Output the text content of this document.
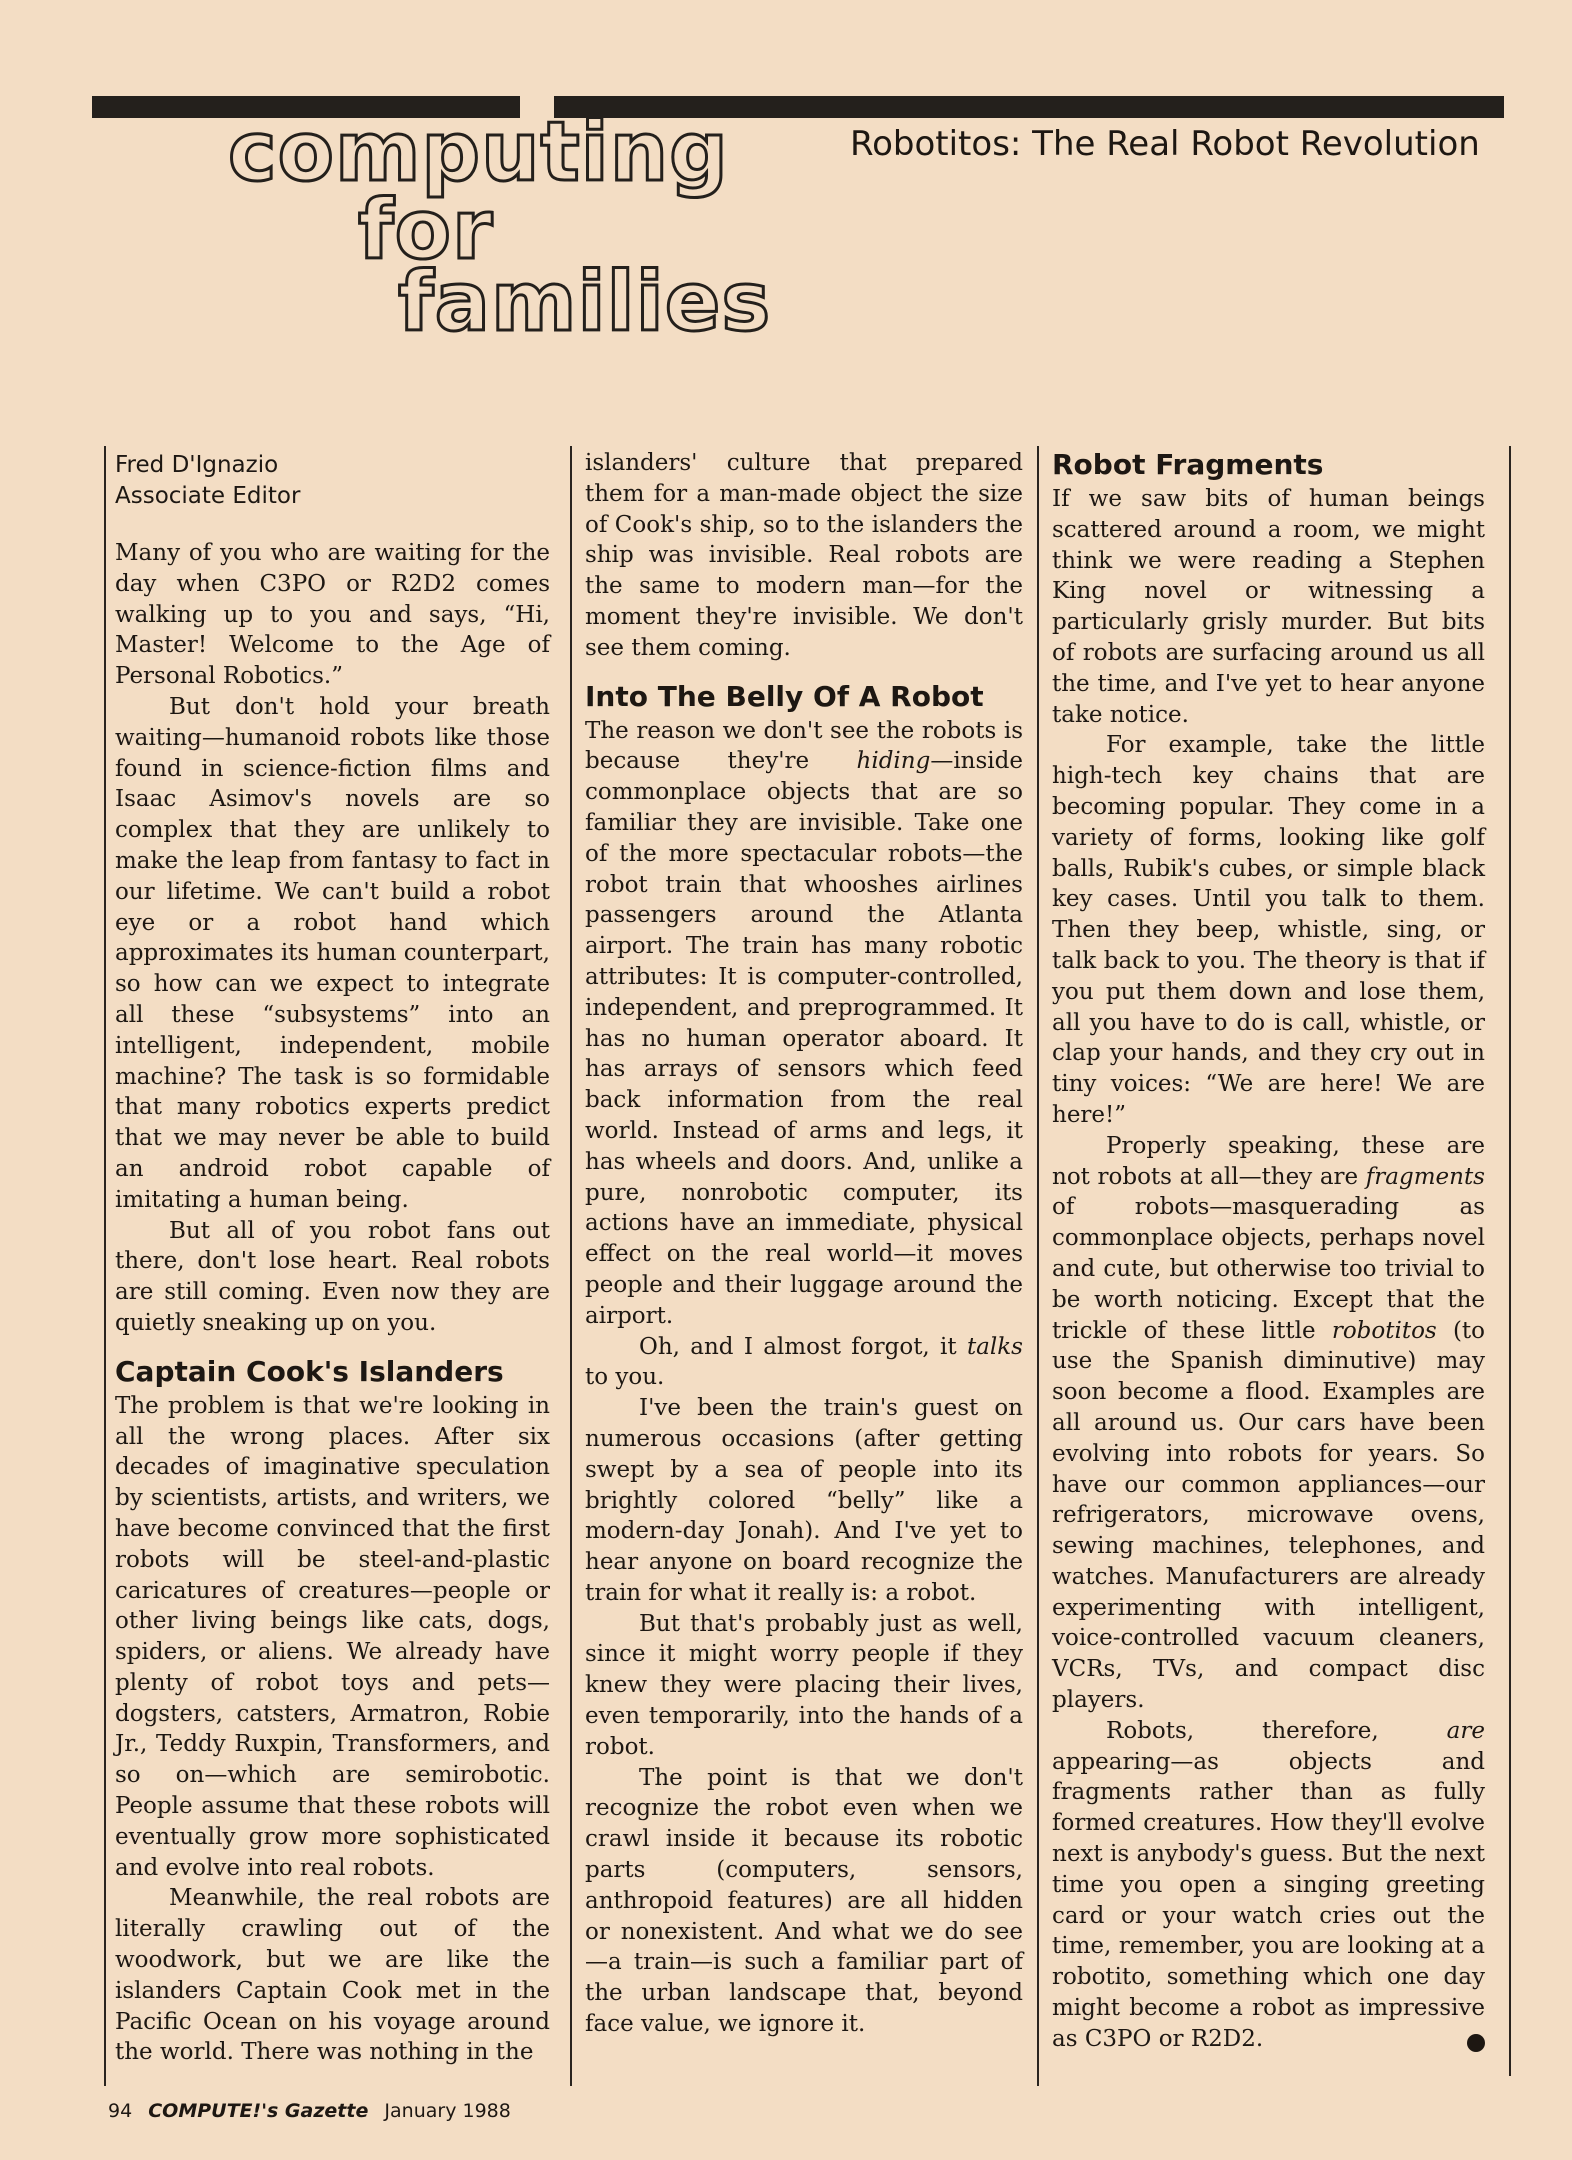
computing
for
families
Robotitos: The Real Robot Revolution
Fred D'Ignazio
Associate Editor

Many of you who are waiting for the day when C3PO or R2D2 comes walking up to you and says, “Hi, Master! Welcome to the Age of Personal Robotics.”

But don't hold your breath waiting—humanoid robots like those found in science-fiction films and Isaac Asimov's novels are so complex that they are unlikely to make the leap from fantasy to fact in our lifetime. We can't build a robot eye or a robot hand which approximates its human counterpart, so how can we expect to integrate all these “subsystems” into an intelligent, independent, mobile machine? The task is so formidable that many robotics experts predict that we may never be able to build an android robot capable of imitating a human being.

But all of you robot fans out there, don't lose heart. Real robots are still coming. Even now they are quietly sneaking up on you.

Captain Cook's Islanders

The problem is that we're looking in all the wrong places. After six decades of imaginative speculation by scientists, artists, and writers, we have become convinced that the first robots will be steel-and-plastic caricatures of creatures—people or other living beings like cats, dogs, spiders, or aliens. We already have plenty of robot toys and pets—dogsters, catsters, Armatron, Robie Jr., Teddy Ruxpin, Transformers, and so on—which are semirobotic. People assume that these robots will eventually grow more sophisticated and evolve into real robots.

Meanwhile, the real robots are literally crawling out of the woodwork, but we are like the islanders Captain Cook met in the Pacific Ocean on his voyage around the world. There was nothing in the

islanders' culture that prepared them for a man-made object the size of Cook's ship, so to the islanders the ship was invisible. Real robots are the same to modern man—for the moment they're invisible. We don't see them coming.

Into The Belly Of A Robot

The reason we don't see the robots is because they're hiding—inside commonplace objects that are so familiar they are invisible. Take one of the more spectacular robots—the robot train that whooshes airlines passengers around the Atlanta airport. The train has many robotic attributes: It is computer-controlled, independent, and preprogrammed. It has no human operator aboard. It has arrays of sensors which feed back information from the real world. Instead of arms and legs, it has wheels and doors. And, unlike a pure, nonrobotic computer, its actions have an immediate, physical effect on the real world—it moves people and their luggage around the airport.

Oh, and I almost forgot, it talks to you.

I've been the train's guest on numerous occasions (after getting swept by a sea of people into its brightly colored “belly” like a modern-day Jonah). And I've yet to hear anyone on board recognize the train for what it really is: a robot.

But that's probably just as well, since it might worry people if they knew they were placing their lives, even temporarily, into the hands of a robot.

The point is that we don't recognize the robot even when we crawl inside it because its robotic parts (computers, sensors, anthropoid features) are all hidden or nonexistent. And what we do see—a train—is such a familiar part of the urban landscape that, beyond face value, we ignore it.

Robot Fragments

If we saw bits of human beings scattered around a room, we might think we were reading a Stephen King novel or witnessing a particularly grisly murder. But bits of robots are surfacing around us all the time, and I've yet to hear anyone take notice.

For example, take the little high-tech key chains that are becoming popular. They come in a variety of forms, looking like golf balls, Rubik's cubes, or simple black key cases. Until you talk to them. Then they beep, whistle, sing, or talk back to you. The theory is that if you put them down and lose them, all you have to do is call, whistle, or clap your hands, and they cry out in tiny voices: “We are here! We are here!”

Properly speaking, these are not robots at all—they are fragments of robots—masquerading as commonplace objects, perhaps novel and cute, but otherwise too trivial to be worth noticing. Except that the trickle of these little robotitos (to use the Spanish diminutive) may soon become a flood. Examples are all around us. Our cars have been evolving into robots for years. So have our common appliances—our refrigerators, microwave ovens, sewing machines, telephones, and watches. Manufacturers are already experimenting with intelligent, voice-controlled vacuum cleaners, VCRs, TVs, and compact disc players.

Robots, therefore, are appearing—as objects and fragments rather than as fully formed creatures. How they'll evolve next is anybody's guess. But the next time you open a singing greeting card or your watch cries out the time, remember, you are looking at a robotito, something which one day might become a robot as impressive as C3PO or R2D2.

94 COMPUTE!'s Gazette January 1988
